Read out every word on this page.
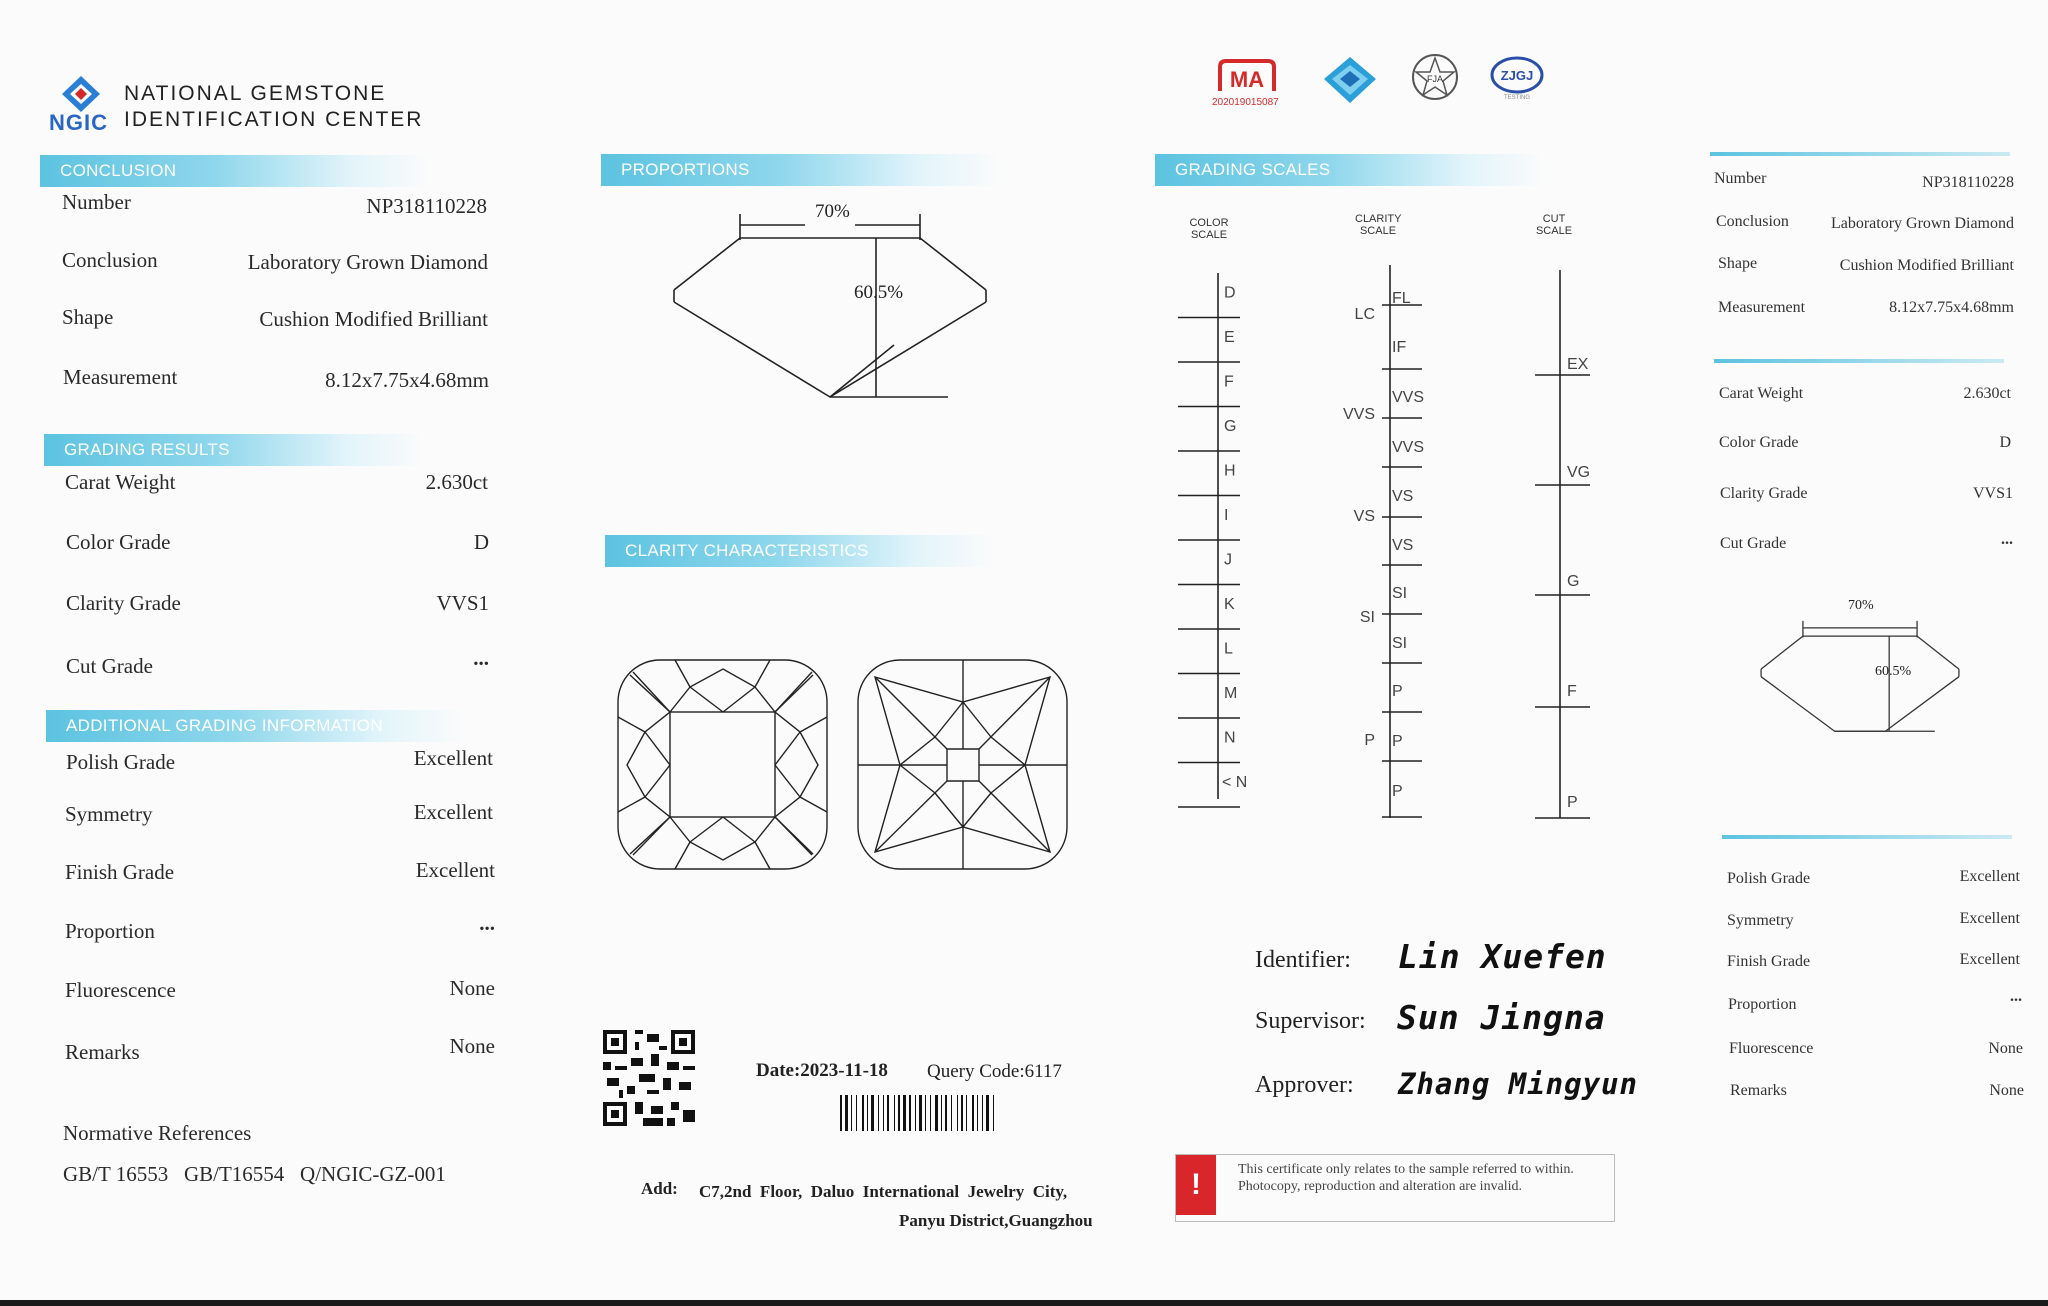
NGIC
NATIONAL GEMSTONE
IDENTIFICATION CENTER
CONCLUSION
Number	NP318110228
Conclusion	Laboratory Grown Diamond
Shape	Cushion Modified Brilliant
Measurement	8.12x7.75x4.68mm
GRADING RESULTS
Carat Weight	2.630ct
Color Grade	D
Clarity Grade	VVS1
Cut Grade	...
ADDITIONAL GRADING INFORMATION
Polish Grade	Excellent
Symmetry	Excellent
Finish Grade	Excellent
Proportion	...
Fluorescence	None
Remarks	None
Normative References
GB/T 16553   GB/T16554   Q/NGIC-GZ-001
PROPORTIONS
70%
60.5%
CLARITY CHARACTERISTICS
Date:2023-11-18 Query Code:6117
Add: C7,2nd  Floor,  Daluo  International  Jewelry  City,
Panyu District,Guangzhou
MA
202019015087
FJA	ZJGJ
TESTING
GRADING SCALES
COLOR SCALE
CLARITY SCALE
CUT SCALE
D
E
F
G
H
I
J
K
L
M
N
< N
FL
IF
VVS
VVS
VS
VS
SI
SI
P
P
P
LC
VVS
VS
SI
P
EX
VG
G
F
P
Identifier: Lin Xuefen
Supervisor: Sun Jingna
Approver: Zhang Mingyun
!	This certificate only relates to the sample referred to within. Photocopy, reproduction and alteration are invalid.
Number	NP318110228
Conclusion	Laboratory Grown Diamond
Shape	Cushion Modified Brilliant
Measurement	8.12x7.75x4.68mm
Carat Weight	2.630ct
Color Grade	D
Clarity Grade	VVS1
Cut Grade	...
70%
60.5%
Polish Grade	Excellent
Symmetry	Excellent
Finish Grade	Excellent
Proportion	...
Fluorescence	None
Remarks	None
